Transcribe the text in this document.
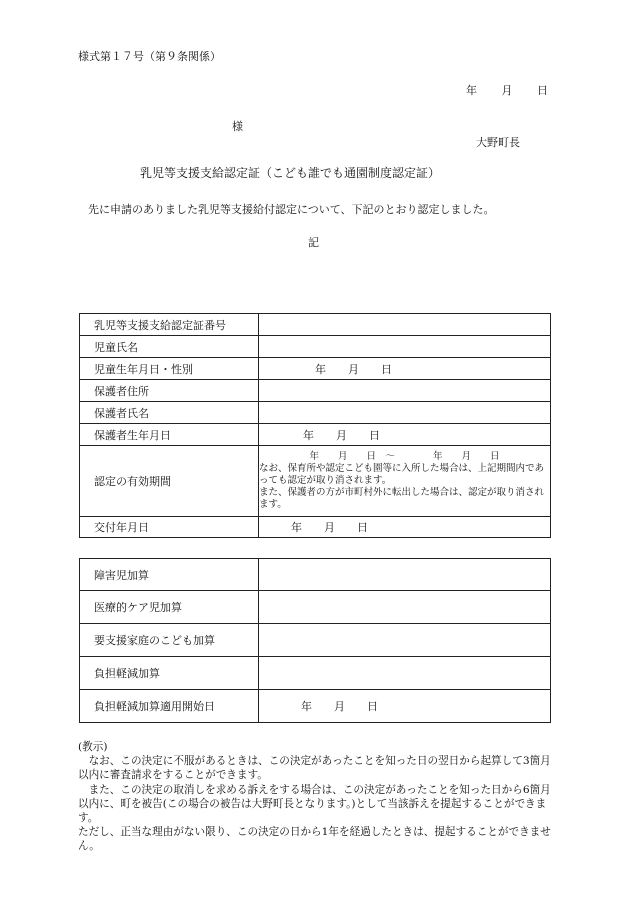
様式第１７号（第９条関係）
年 月 日
様
大野町長
乳児等支援支給認定証（こども誰でも通園制度認定証）
先に申請のありました乳児等支援給付認定について、下記のとおり認定しました。
記
乳児等支援支給認定証番号	
児童氏名	
児童生年月日・性別	年　　月　　日
保護者住所	
保護者氏名	
保護者生年月日	年　　月　　日
認定の有効期間	年　　月　　日　～　　　　年　　月　　日
なお、保育所や認定こども園等に入所した場合は、上記期間内であっても認定が取り消されます。
また、保護者の方が市町村外に転出した場合は、認定が取り消されます。

交付年月日	年　　月　　日
障害児加算	
医療的ケア児加算	
要支援家庭のこども加算	
負担軽減加算	
負担軽減加算適用開始日	年　　月　　日

(教示)

なお、この決定に不服があるときは、この決定があったことを知った日の翌日から起算して3箇月以内に審査請求をすることができます。

また、この決定の取消しを求める訴えをする場合は、この決定があったことを知った日から6箇月以内に、町を被告(この場合の被告は大野町長となります。)として当該訴えを提起することができます。

ただし、正当な理由がない限り、この決定の日から1年を経過したときは、提起することができません。
